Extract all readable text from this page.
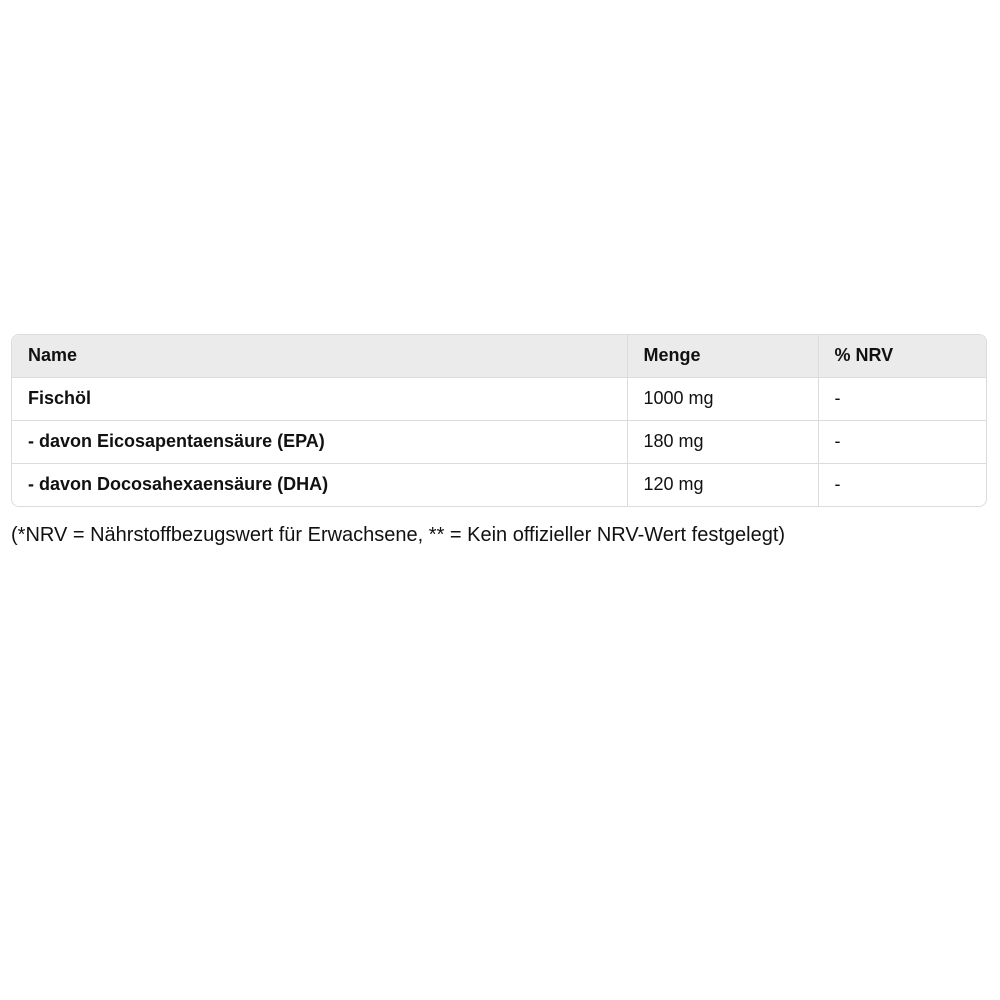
Name	Menge	% NRV
Fischöl	1000 mg	-
- davon Eicosapentaensäure (EPA)	180 mg	-
- davon Docosahexaensäure (DHA)	120 mg	-
(*NRV = Nährstoffbezugswert für Erwachsene, ** = Kein offizieller NRV-Wert festgelegt)
